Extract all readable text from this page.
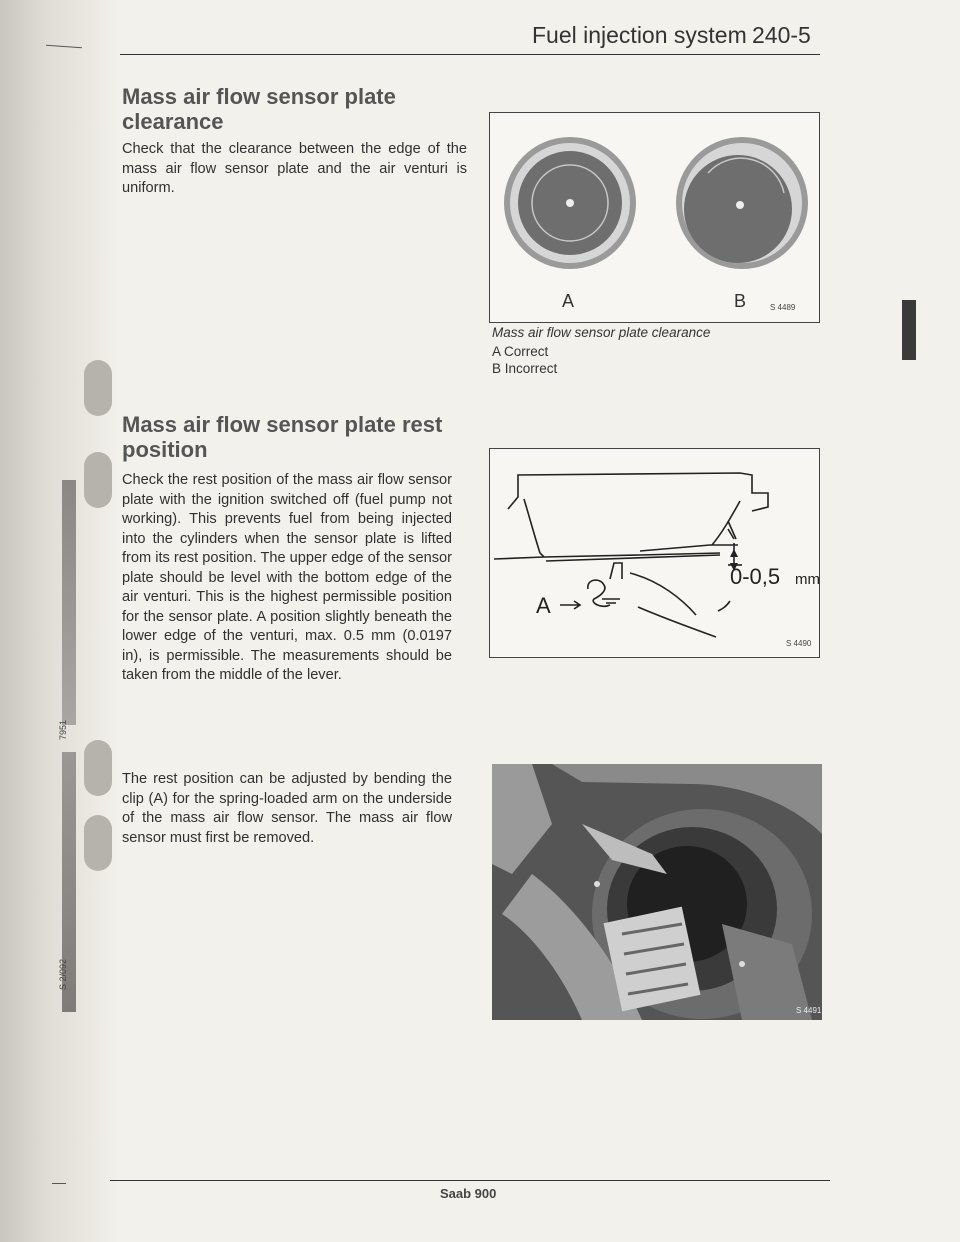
7951
S 2/092
Fuel injection system 240-5
Mass air flow sensor plate clearance

Check that the clearance between the edge of the mass air flow sensor plate and the air venturi is uniform.

A	B	S 4489
Mass air flow sensor plate clearance
A Correct
B Incorrect
Mass air flow sensor plate rest
position

Check the rest position of the mass air flow sensor plate with the ignition switched off (fuel pump not working). This prevents fuel from being injected into the cylinders when the sensor plate is lifted from its rest position. The upper edge of the sensor plate should be level with the bottom edge of the air venturi. This is the highest permissible position for the sensor plate. A position slightly beneath the lower edge of the venturi, max. 0.5 mm (0.0197 in), is permissible. The measurements should be taken from the middle of the lever.

A
0-0,5 mm
S 4490

The rest position can be adjusted by bending the clip (A) for the spring-loaded arm on the underside of the mass air flow sensor. The mass air flow sensor must first be removed.

S 4491
Saab 900
